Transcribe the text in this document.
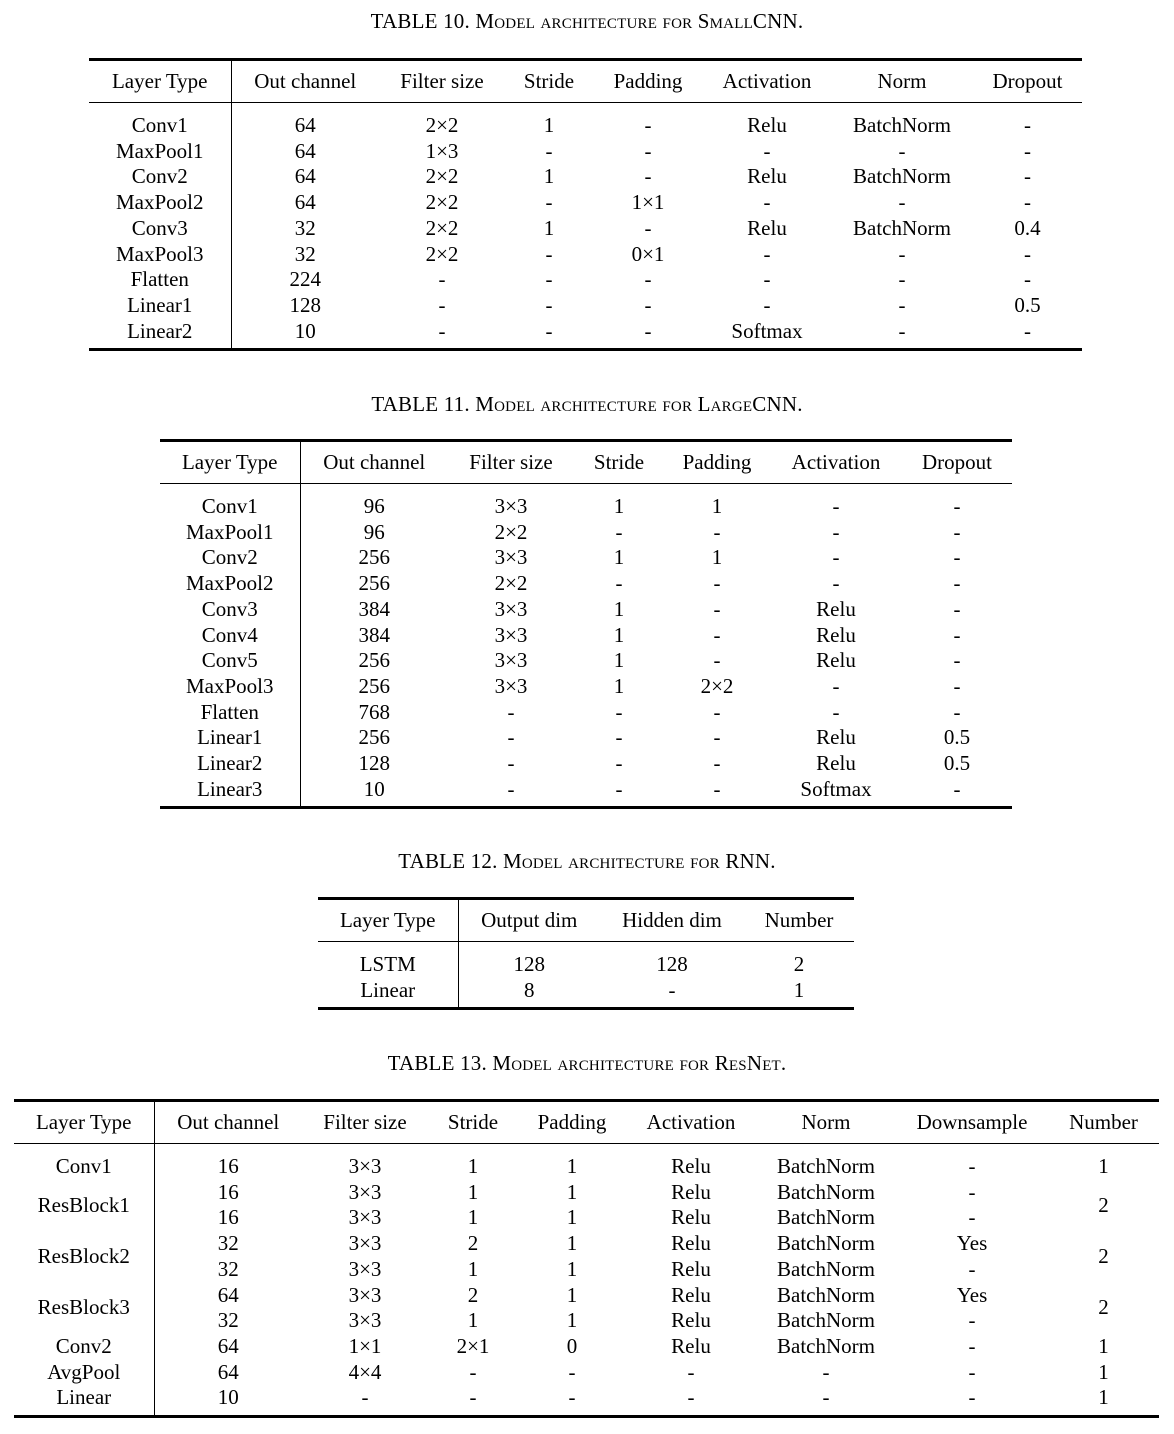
TABLE 10. Model architecture for SmallCNN.
Layer Type	Out channel	Filter size	Stride	Padding	Activation	Norm	Dropout
Conv1	64	2×2	1	-	Relu	BatchNorm	-
MaxPool1	64	1×3	-	-	-	-	-
Conv2	64	2×2	1	-	Relu	BatchNorm	-
MaxPool2	64	2×2	-	1×1	-	-	-
Conv3	32	2×2	1	-	Relu	BatchNorm	0.4
MaxPool3	32	2×2	-	0×1	-	-	-
Flatten	224	-	-	-	-	-	-
Linear1	128	-	-	-	-	-	0.5
Linear2	10	-	-	-	Softmax	-	-
TABLE 11. Model architecture for LargeCNN.
Layer Type	Out channel	Filter size	Stride	Padding	Activation	Dropout
Conv1	96	3×3	1	1	-	-
MaxPool1	96	2×2	-	-	-	-
Conv2	256	3×3	1	1	-	-
MaxPool2	256	2×2	-	-	-	-
Conv3	384	3×3	1	-	Relu	-
Conv4	384	3×3	1	-	Relu	-
Conv5	256	3×3	1	-	Relu	-
MaxPool3	256	3×3	1	2×2	-	-
Flatten	768	-	-	-	-	-
Linear1	256	-	-	-	Relu	0.5
Linear2	128	-	-	-	Relu	0.5
Linear3	10	-	-	-	Softmax	-
TABLE 12. Model architecture for RNN.
Layer Type	Output dim	Hidden dim	Number
LSTM	128	128	2
Linear	8	-	1
TABLE 13. Model architecture for ResNet.
Layer Type	Out channel	Filter size	Stride	Padding	Activation	Norm	Downsample	Number
Conv1	16	3×3	1	1	Relu	BatchNorm	-	1
ResBlock1	16	3×3	1	1	Relu	BatchNorm	-	2
	16	3×3	1	1	Relu	BatchNorm	-	
ResBlock2	32	3×3	2	1	Relu	BatchNorm	Yes	2
	32	3×3	1	1	Relu	BatchNorm	-	
ResBlock3	64	3×3	2	1	Relu	BatchNorm	Yes	2
	32	3×3	1	1	Relu	BatchNorm	-	
Conv2	64	1×1	2×1	0	Relu	BatchNorm	-	1
AvgPool	64	4×4	-	-	-	-	-	1
Linear	10	-	-	-	-	-	-	1
